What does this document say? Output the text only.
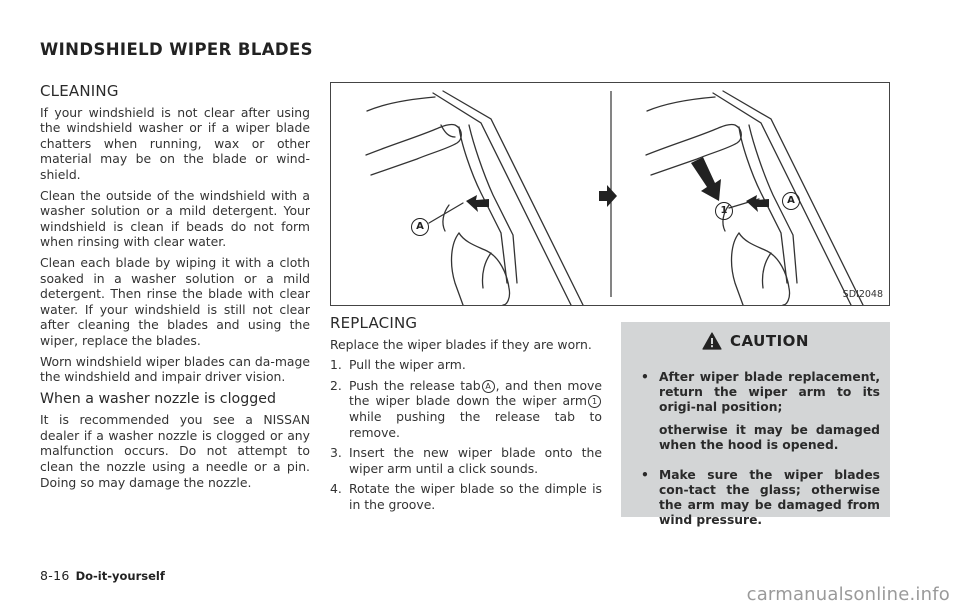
WINDSHIELD WIPER BLADES
CLEANING

If your windshield is not clear after using the windshield washer or if a wiper blade chatters when running, wax or other material may be on the blade or wind-shield.

Clean the outside of the windshield with a washer solution or a mild detergent. Your windshield is clean if beads do not form when rinsing with clear water.

Clean each blade by wiping it with a cloth soaked in a washer solution or a mild detergent. Then rinse the blade with clear water. If your windshield is still not clear after cleaning the blades and using the wiper, replace the blades.

Worn windshield wiper blades can da-mage the windshield and impair driver vision.

When a washer nozzle is clogged

It is recommended you see a NISSAN dealer if a washer nozzle is clogged or any malfunction occurs. Do not attempt to clean the nozzle using a needle or a pin. Doing so may damage the nozzle.

A
1
A
SDI2048
REPLACING

Replace the wiper blades if they are worn.

1. Pull the wiper arm.
2. Push the release tab A , and then move the wiper blade down the wiper arm 1while pushing the release tab to remove.
3. Insert the new wiper blade onto the wiper arm until a click sounds.
4. Rotate the wiper blade so the dimple is in the groove.
CAUTION
• After wiper blade replacement, return the wiper arm to its origi-nal position;
otherwise it may be damaged when the hood is opened.
• Make sure the wiper blades con-tact the glass; otherwise the arm may be damaged from wind pressure.
8-16 Do-it-yourself
carmanualsonline.info
